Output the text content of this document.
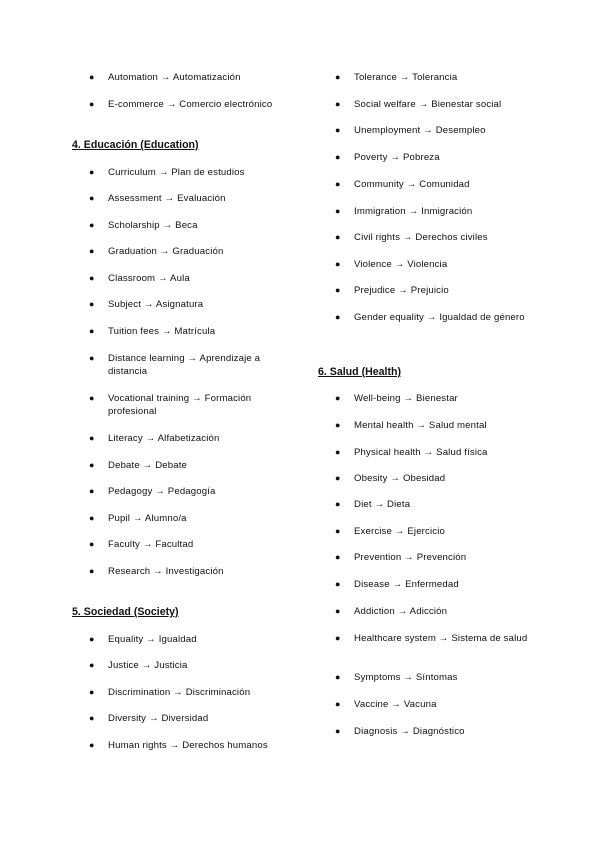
● Automation → Automatización
● E-commerce → Comercio electrónico
4. Educación (Education)
● Curriculum → Plan de estudios
● Assessment → Evaluación
● Scholarship → Beca
● Graduation → Graduación
● Classroom → Aula
● Subject → Asignatura
● Tuition fees → Matrícula
● Distance learning → Aprendizaje a distancia
● Vocational training → Formación profesional
● Literacy → Alfabetización
● Debate → Debate
● Pedagogy → Pedagogía
● Pupil → Alumno/a
● Faculty → Facultad
● Research → Investigación
5. Sociedad (Society)
● Equality → Igualdad
● Justice → Justicia
● Discrimination → Discriminación
● Diversity → Diversidad
● Human rights → Derechos humanos
● Tolerance → Tolerancia
● Social welfare → Bienestar social
● Unemployment → Desempleo
● Poverty → Pobreza
● Community → Comunidad
● Immigration → Inmigración
● Civil rights → Derechos civiles
● Violence → Violencia
● Prejudice → Prejuicio
● Gender equality → Igualdad de género
6. Salud (Health)
● Well-being → Bienestar
● Mental health → Salud mental
● Physical health → Salud física
● Obesity → Obesidad
● Diet → Dieta
● Exercise → Ejercicio
● Prevention → Prevención
● Disease → Enfermedad
● Addiction → Adicción
● Healthcare system → Sistema de salud
● Symptoms → Síntomas
● Vaccine → Vacuna
● Diagnosis → Diagnóstico
